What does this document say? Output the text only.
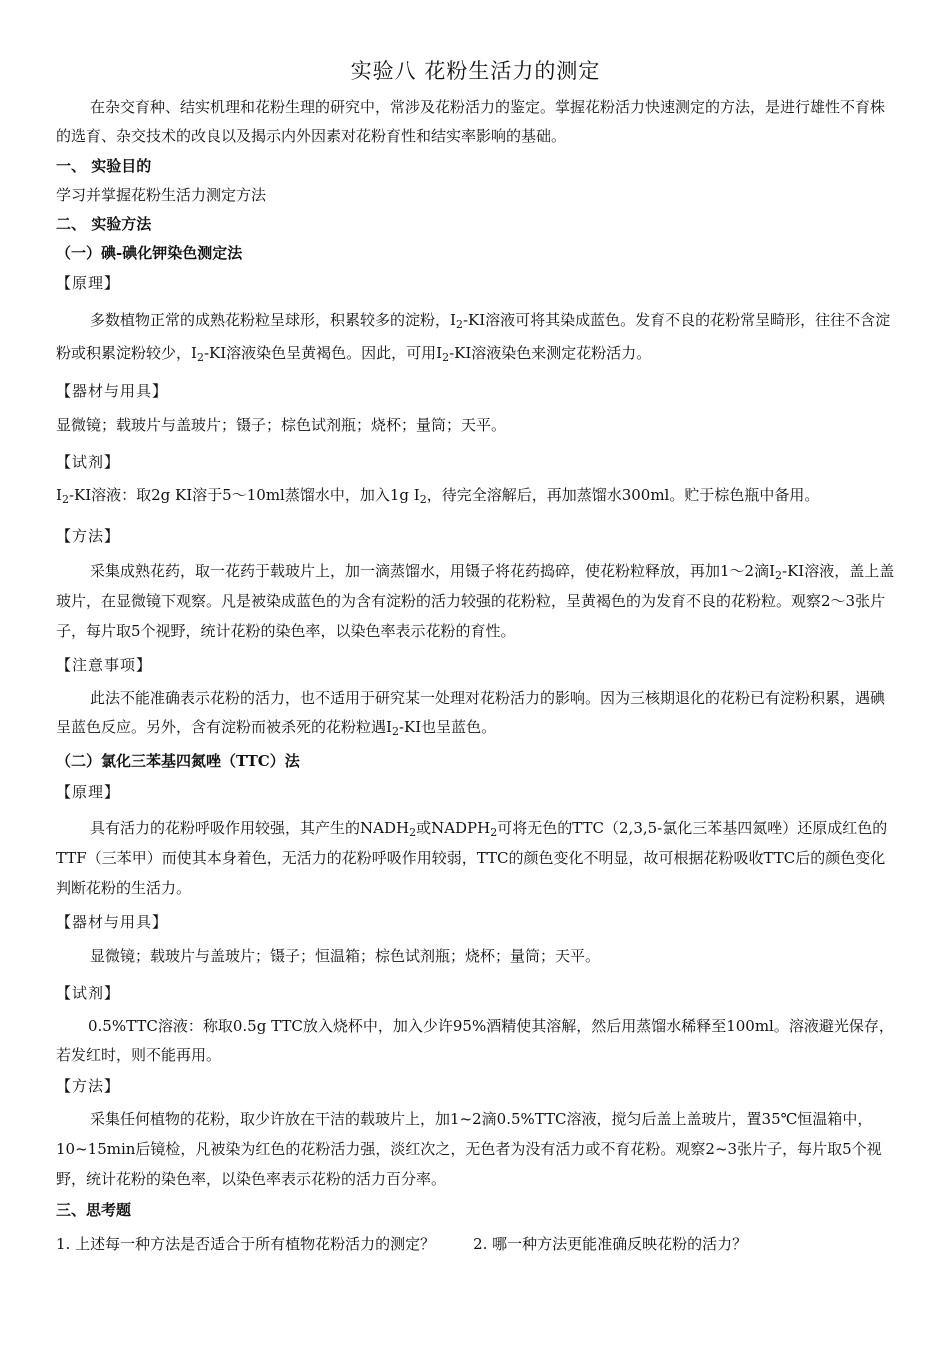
实验八 花粉生活力的测定
在杂交育种、结实机理和花粉生理的研究中，常涉及花粉活力的鉴定。掌握花粉活力快速测定的方法，是进行雄性不育株的选育、杂交技术的改良以及揭示内外因素对花粉育性和结实率影响的基础。
一、 实验目的
学习并掌握花粉生活力测定方法
二、 实验方法
（一）碘-碘化钾染色测定法
【原理】
多数植物正常的成熟花粉粒呈球形，积累较多的淀粉，$I_2-KI$溶液可将其染成蓝色。发育不良的花粉常呈畸形，往往不含淀粉或积累淀粉较少，$I_2-KI$溶液染色呈黄褐色。因此，可用$I_2-KI$溶液染色来测定花粉活力。
【器材与用具】
显微镜；载玻片与盖玻片；镊子；棕色试剂瓶；烧杯；量筒；天平。
【试剂】
$I_2-KI$溶液：取2g KI溶于5～10ml蒸馏水中，加入1g $I_2$，待完全溶解后，再加蒸馏水300ml。贮于棕色瓶中备用。
【方法】
采集成熟花药，取一花药于载玻片上，加一滴蒸馏水，用镊子将花药捣碎，使花粉粒释放，再加1～2滴$I_2-KI$溶液，盖上盖玻片，在显微镜下观察。凡是被染成蓝色的为含有淀粉的活力较强的花粉粒，呈黄褐色的为发育不良的花粉粒。观察2～3张片子，每片取5个视野，统计花粉的染色率，以染色率表示花粉的育性。
【注意事项】
此法不能准确表示花粉的活力，也不适用于研究某一处理对花粉活力的影响。因为三核期退化的花粉已有淀粉积累，遇碘呈蓝色反应。另外，含有淀粉而被杀死的花粉粒遇$I_2-KI$也呈蓝色。
（二）氯化三苯基四氮唑（TTC）法
【原理】
具有活力的花粉呼吸作用较强，其产生的$NADH_2$或$NADPH_2$可将无色的TTC（2,3,5-氯化三苯基四氮唑）还原成红色的TTF（三苯甲）而使其本身着色，无活力的花粉呼吸作用较弱，TTC的颜色变化不明显，故可根据花粉吸收TTC后的颜色变化判断花粉的生活力。
【器材与用具】
显微镜；载玻片与盖玻片；镊子；恒温箱；棕色试剂瓶；烧杯；量筒；天平。
【试剂】
0.5%TTC溶液：称取0.5g TTC放入烧杯中，加入少许95%酒精使其溶解，然后用蒸馏水稀释至100ml。溶液避光保存，若发红时，则不能再用。
【方法】
采集任何植物的花粉，取少许放在干洁的载玻片上，加1~2滴0.5%TTC溶液，搅匀后盖上盖玻片，置35℃恒温箱中，10~15min后镜检，凡被染为红色的花粉活力强，淡红次之，无色者为没有活力或不育花粉。观察2~3张片子，每片取5个视野，统计花粉的染色率，以染色率表示花粉的活力百分率。
三、思考题
1. 上述每一种方法是否适合于所有植物花粉活力的测定？	2. 哪一种方法更能准确反映花粉的活力？
